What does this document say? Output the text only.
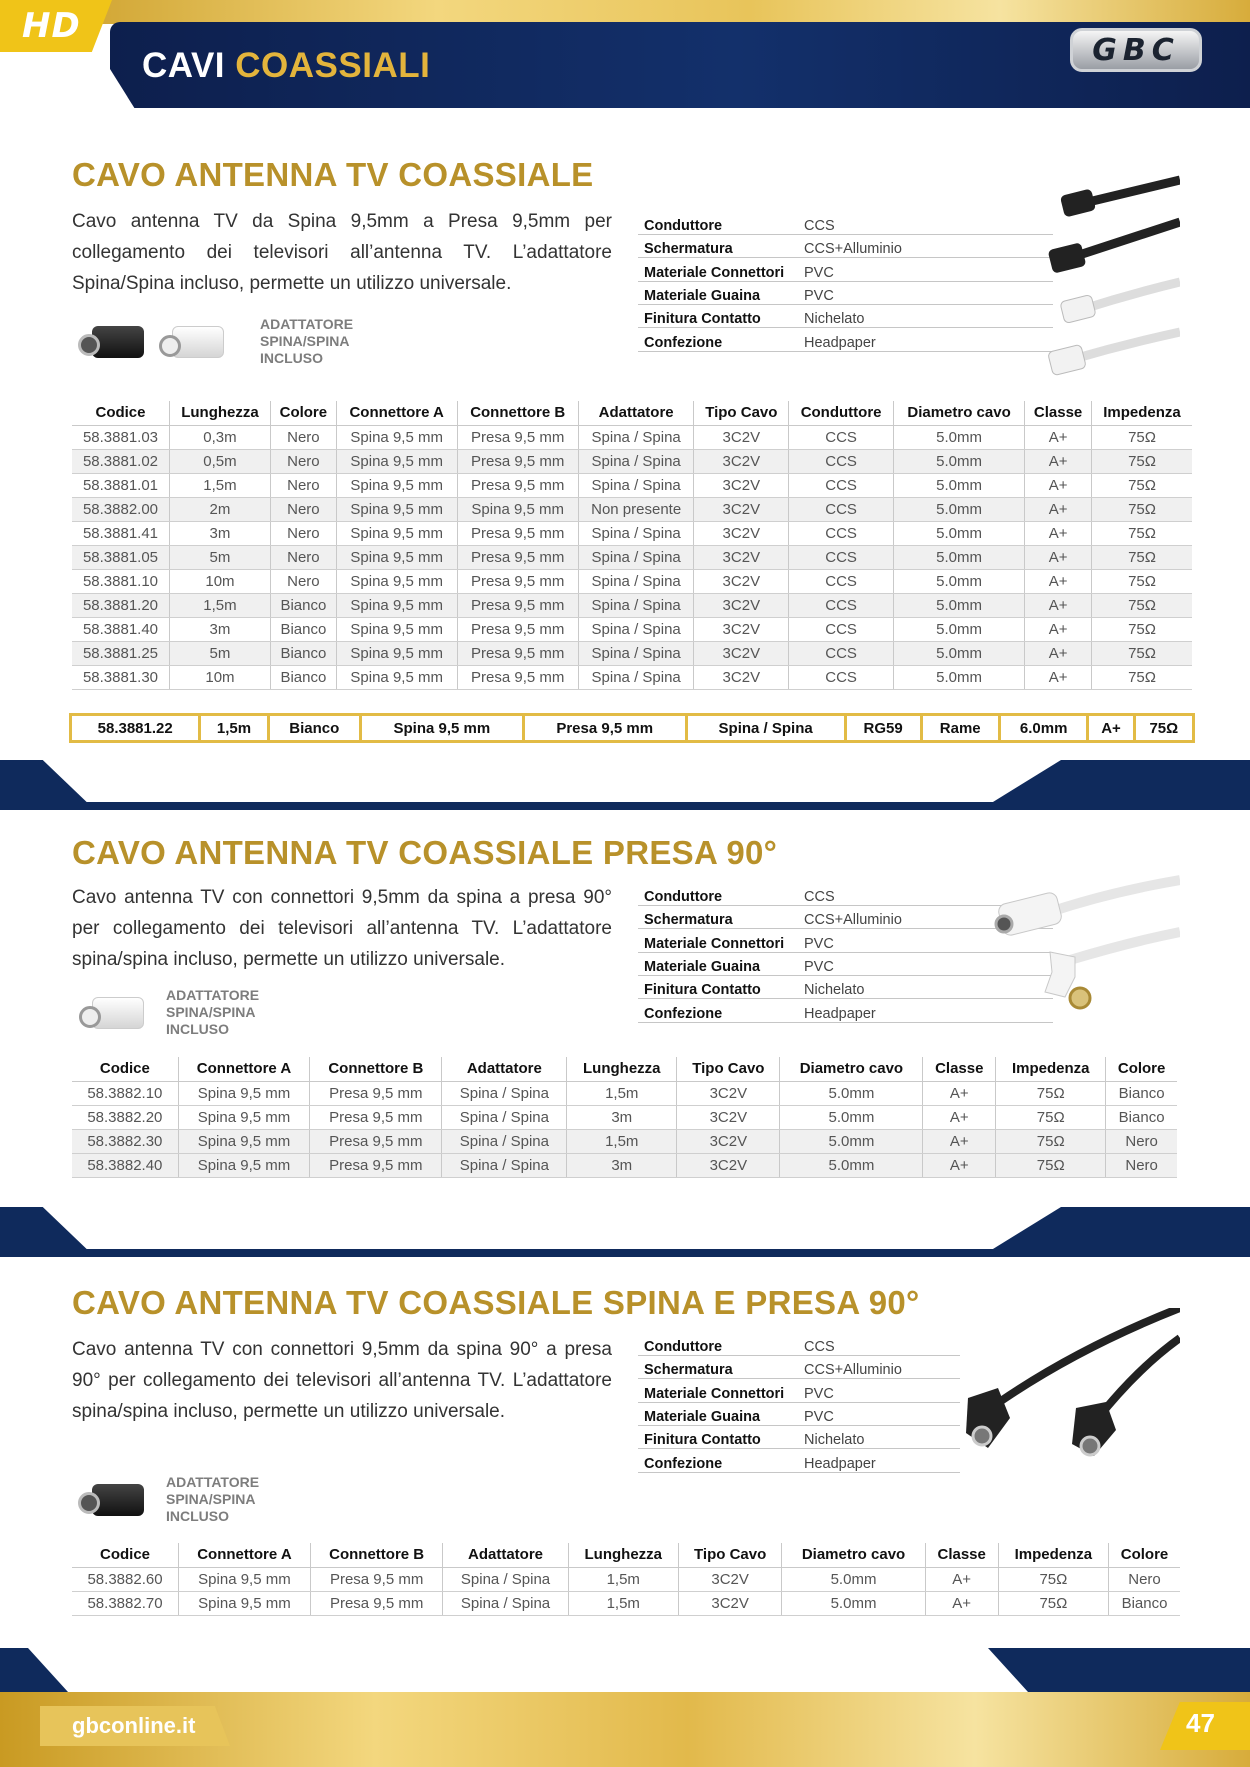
HD
CAVI COASSIALI	GBC
CAVO ANTENNA TV COASSIALE
Cavo antenna TV da Spina 9,5mm a Presa 9,5mm per collegamento dei televisori all’antenna TV. L’adattatore Spina/Spina incluso, permette un utilizzo universale.
ADATTATORE
SPINA/SPINA
INCLUSO
Conduttore	CCS
Schermatura	CCS+Alluminio
Materiale Connettori	PVC
Materiale Guaina	PVC
Finitura Contatto	Nichelato
Confezione	Headpaper
Codice	Lunghezza	Colore	Connettore A	Connettore B	Adattatore	Tipo Cavo	Conduttore	Diametro cavo	Classe	Impedenza
58.3881.03	0,3m	Nero	Spina 9,5 mm	Presa 9,5 mm	Spina / Spina	3C2V	CCS	5.0mm	A+	75Ω
58.3881.02	0,5m	Nero	Spina 9,5 mm	Presa 9,5 mm	Spina / Spina	3C2V	CCS	5.0mm	A+	75Ω
58.3881.01	1,5m	Nero	Spina 9,5 mm	Presa 9,5 mm	Spina / Spina	3C2V	CCS	5.0mm	A+	75Ω
58.3882.00	2m	Nero	Spina 9,5 mm	Spina 9,5 mm	Non presente	3C2V	CCS	5.0mm	A+	75Ω
58.3881.41	3m	Nero	Spina 9,5 mm	Presa 9,5 mm	Spina / Spina	3C2V	CCS	5.0mm	A+	75Ω
58.3881.05	5m	Nero	Spina 9,5 mm	Presa 9,5 mm	Spina / Spina	3C2V	CCS	5.0mm	A+	75Ω
58.3881.10	10m	Nero	Spina 9,5 mm	Presa 9,5 mm	Spina / Spina	3C2V	CCS	5.0mm	A+	75Ω
58.3881.20	1,5m	Bianco	Spina 9,5 mm	Presa 9,5 mm	Spina / Spina	3C2V	CCS	5.0mm	A+	75Ω
58.3881.40	3m	Bianco	Spina 9,5 mm	Presa 9,5 mm	Spina / Spina	3C2V	CCS	5.0mm	A+	75Ω
58.3881.25	5m	Bianco	Spina 9,5 mm	Presa 9,5 mm	Spina / Spina	3C2V	CCS	5.0mm	A+	75Ω
58.3881.30	10m	Bianco	Spina 9,5 mm	Presa 9,5 mm	Spina / Spina	3C2V	CCS	5.0mm	A+	75Ω
58.3881.22	1,5m	Bianco	Spina 9,5 mm	Presa 9,5 mm	Spina / Spina	RG59	Rame	6.0mm	A+	75Ω
CAVO ANTENNA TV COASSIALE PRESA 90°
Cavo antenna TV con connettori 9,5mm da spina a presa 90° per collegamento dei televisori all’antenna TV. L’adattatore spina/spina incluso, permette un utilizzo universale.
ADATTATORE
SPINA/SPINA
INCLUSO
Conduttore	CCS
Schermatura	CCS+Alluminio
Materiale Connettori	PVC
Materiale Guaina	PVC
Finitura Contatto	Nichelato
Confezione	Headpaper
Codice	Connettore A	Connettore B	Adattatore	Lunghezza	Tipo Cavo	Diametro cavo	Classe	Impedenza	Colore
58.3882.10	Spina 9,5 mm	Presa 9,5 mm	Spina / Spina	1,5m	3C2V	5.0mm	A+	75Ω	Bianco
58.3882.20	Spina 9,5 mm	Presa 9,5 mm	Spina / Spina	3m	3C2V	5.0mm	A+	75Ω	Bianco
58.3882.30	Spina 9,5 mm	Presa 9,5 mm	Spina / Spina	1,5m	3C2V	5.0mm	A+	75Ω	Nero
58.3882.40	Spina 9,5 mm	Presa 9,5 mm	Spina / Spina	3m	3C2V	5.0mm	A+	75Ω	Nero
CAVO ANTENNA TV COASSIALE SPINA E PRESA 90°
Cavo antenna TV con connettori 9,5mm da spina 90° a presa 90° per collegamento dei televisori all’antenna TV. L’adattatore spina/spina incluso, permette un utilizzo universale.
ADATTATORE
SPINA/SPINA
INCLUSO
Conduttore	CCS
Schermatura	CCS+Alluminio
Materiale Connettori	PVC
Materiale Guaina	PVC
Finitura Contatto	Nichelato
Confezione	Headpaper
Codice	Connettore A	Connettore B	Adattatore	Lunghezza	Tipo Cavo	Diametro cavo	Classe	Impedenza	Colore
58.3882.60	Spina 9,5 mm	Presa 9,5 mm	Spina / Spina	1,5m	3C2V	5.0mm	A+	75Ω	Nero
58.3882.70	Spina 9,5 mm	Presa 9,5 mm	Spina / Spina	1,5m	3C2V	5.0mm	A+	75Ω	Bianco
gbconline.it	47
